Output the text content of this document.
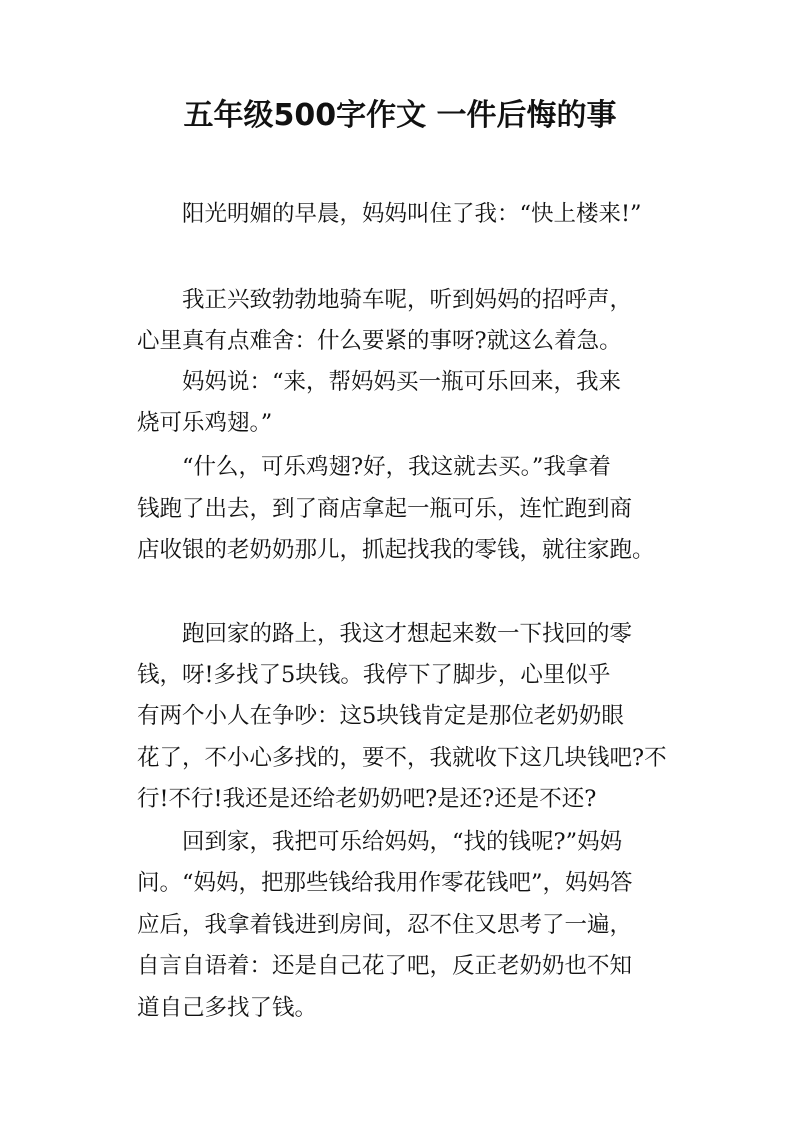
五年级500字作文 一件后悔的事
阳光明媚的早晨，妈妈叫住了我：“快上楼来!”
我正兴致勃勃地骑车呢，听到妈妈的招呼声，
心里真有点难舍：什么要紧的事呀?就这么着急。
妈妈说：“来，帮妈妈买一瓶可乐回来，我来
烧可乐鸡翅。”
“什么，可乐鸡翅?好，我这就去买。”我拿着
钱跑了出去，到了商店拿起一瓶可乐，连忙跑到商
店收银的老奶奶那儿，抓起找我的零钱，就往家跑。
跑回家的路上，我这才想起来数一下找回的零
钱，呀!多找了5块钱。我停下了脚步，心里似乎
有两个小人在争吵：这5块钱肯定是那位老奶奶眼
花了，不小心多找的，要不，我就收下这几块钱吧?不
行!不行!我还是还给老奶奶吧?是还?还是不还?
回到家，我把可乐给妈妈，“找的钱呢?”妈妈
问。“妈妈，把那些钱给我用作零花钱吧”，妈妈答
应后，我拿着钱进到房间，忍不住又思考了一遍，
自言自语着：还是自己花了吧，反正老奶奶也不知
道自己多找了钱。
